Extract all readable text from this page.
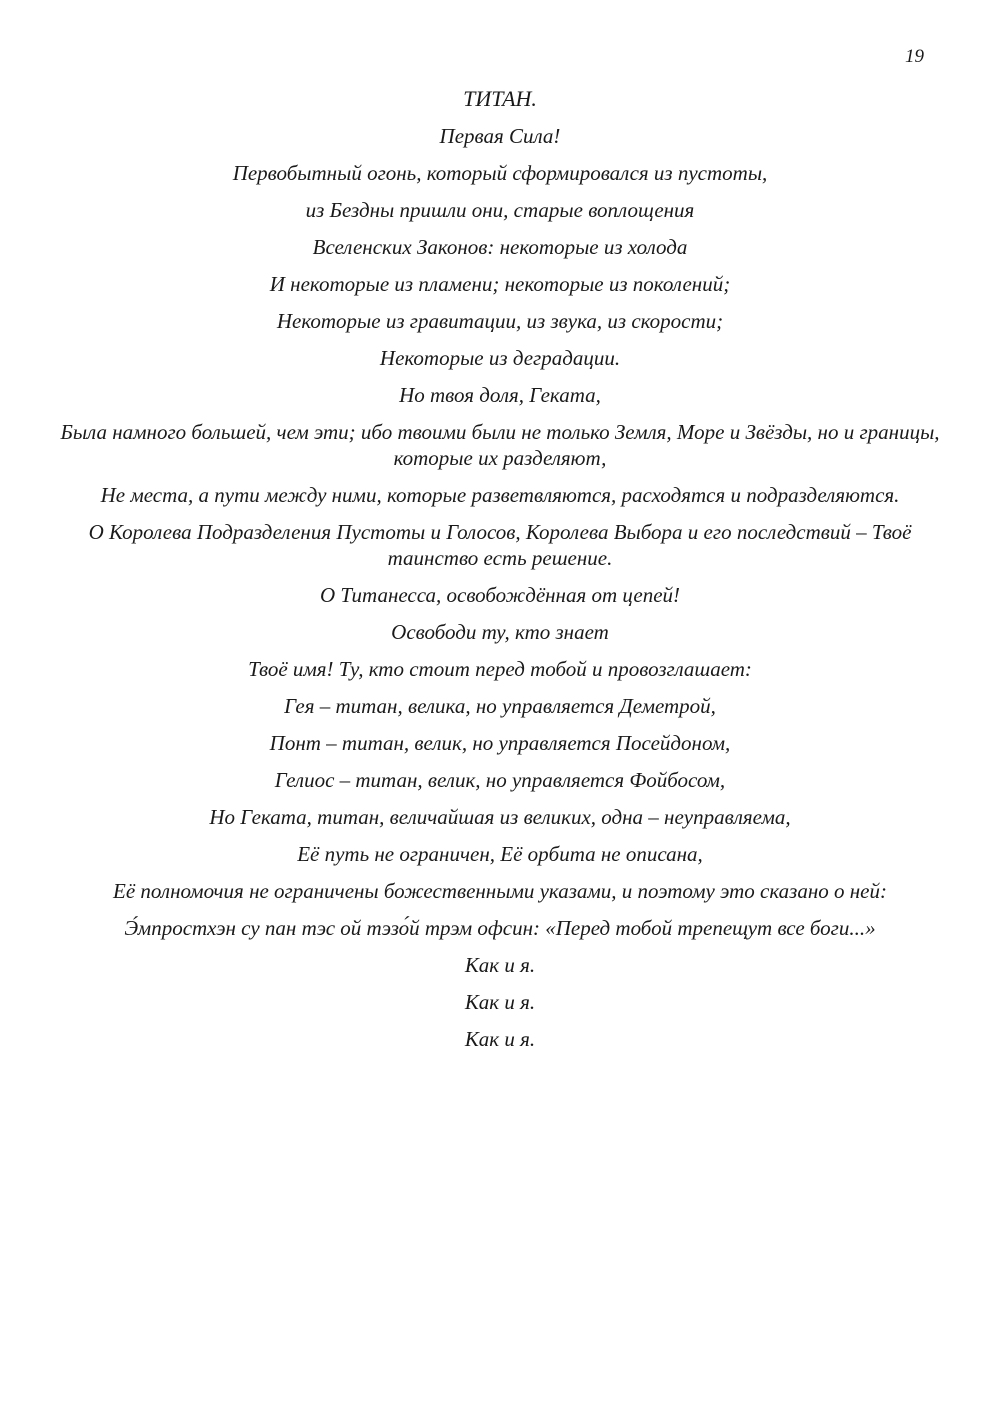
19
ТИТАН.
Первая Сила!
Первобытный огонь, который сформировался из пустоты,
из Бездны пришли они, старые воплощения
Вселенских Законов: некоторые из холода
И некоторые из пламени; некоторые из поколений;
Некоторые из гравитации, из звука, из скорости;
Некоторые из деградации.
Но твоя доля, Геката,
Была намного большей, чем эти; ибо твоими были не только Земля, Море и Звёзды, но и границы, которые их разделяют,
Не места, а пути между ними, которые разветвляются, расходятся и подразделяются.
О Королева Подразделения Пустоты и Голосов, Королева Выбора и его последствий – Твоё таинство есть решение.
О Титанесса, освобождённая от цепей!
Освободи ту, кто знает
Твоё имя! Ту, кто стоит перед тобой и провозглашает:
Гея – титан, велика, но управляется Деметрой,
Понт – титан, велик, но управляется Посейдоном,
Гелиос – титан, велик, но управляется Фойбосом,
Но Геката, титан, величайшая из великих, одна – неуправляема,
Её путь не ограничен, Её орбита не описана,
Её полномочия не ограничены божественными указами, и поэтому это сказано о ней:
Э́мпростхэн су пан тэс ой тэзо́й трэм офсин: «Перед тобой трепещут все боги...»
Как и я.
Как и я.
Как и я.
